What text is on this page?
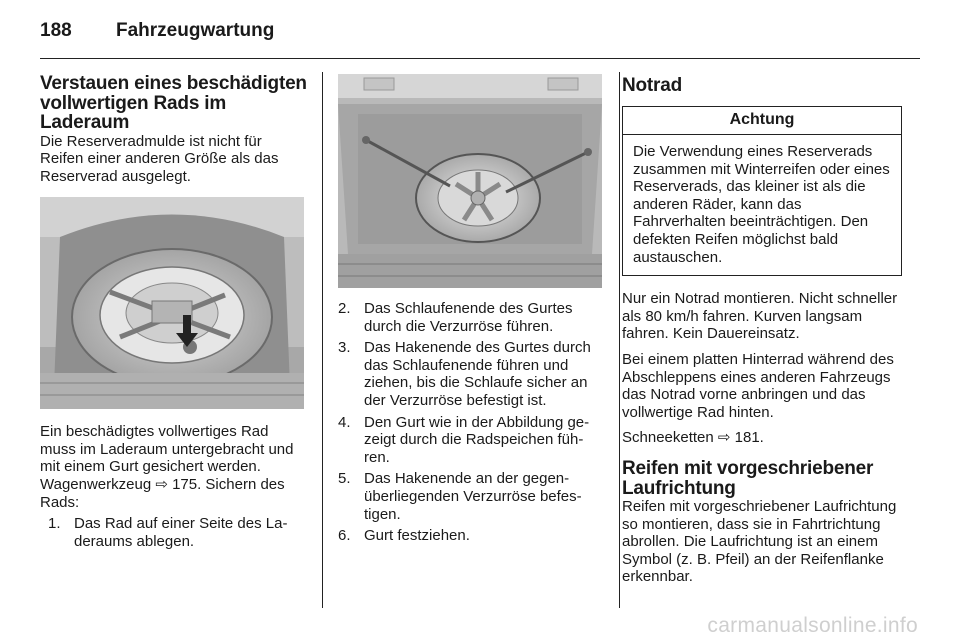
188 Fahrzeugwartung
Verstauen eines beschädigten vollwertigen Rads im Laderaum

Die Reserveradmulde ist nicht für Reifen einer anderen Größe als das Reserverad ausgelegt.

Ein beschädigtes vollwertiges Rad muss im Laderaum untergebracht und mit einem Gurt gesichert werden. Wagenwerkzeug ⇨ 175. Sichern des Rads:

1. Das Rad auf einer Seite des Laderaums ablegen.
2. Das Schlaufenende des Gurtes durch die Verzurröse führen.
3. Das Hakenende des Gurtes durch das Schlaufenende führen und ziehen, bis die Schlaufe sicher an der Verzurröse befestigt ist.
4. Den Gurt wie in der Abbildung gezeigt durch die Radspeichen führen.
5. Das Hakenende an der gegenüberliegenden Verzurröse befestigen.
6. Gurt festziehen.
Notrad
Achtung
Die Verwendung eines Reserverads zusammen mit Winterreifen oder eines Reserverads, das kleiner ist als die anderen Räder, kann das Fahrverhalten beeinträchtigen. Den defekten Reifen möglichst bald austauschen.

Nur ein Notrad montieren. Nicht schneller als 80 km/h fahren. Kurven langsam fahren. Kein Dauereinsatz.

Bei einem platten Hinterrad während des Abschleppens eines anderen Fahrzeugs das Notrad vorne anbringen und das vollwertige Rad hinten.

Schneeketten ⇨ 181.

Reifen mit vorgeschriebener Laufrichtung

Reifen mit vorgeschriebener Laufrichtung so montieren, dass sie in Fahrtrichtung abrollen. Die Laufrichtung ist an einem Symbol (z. B. Pfeil) an der Reifenflanke erkennbar.

carmanualsonline.info
